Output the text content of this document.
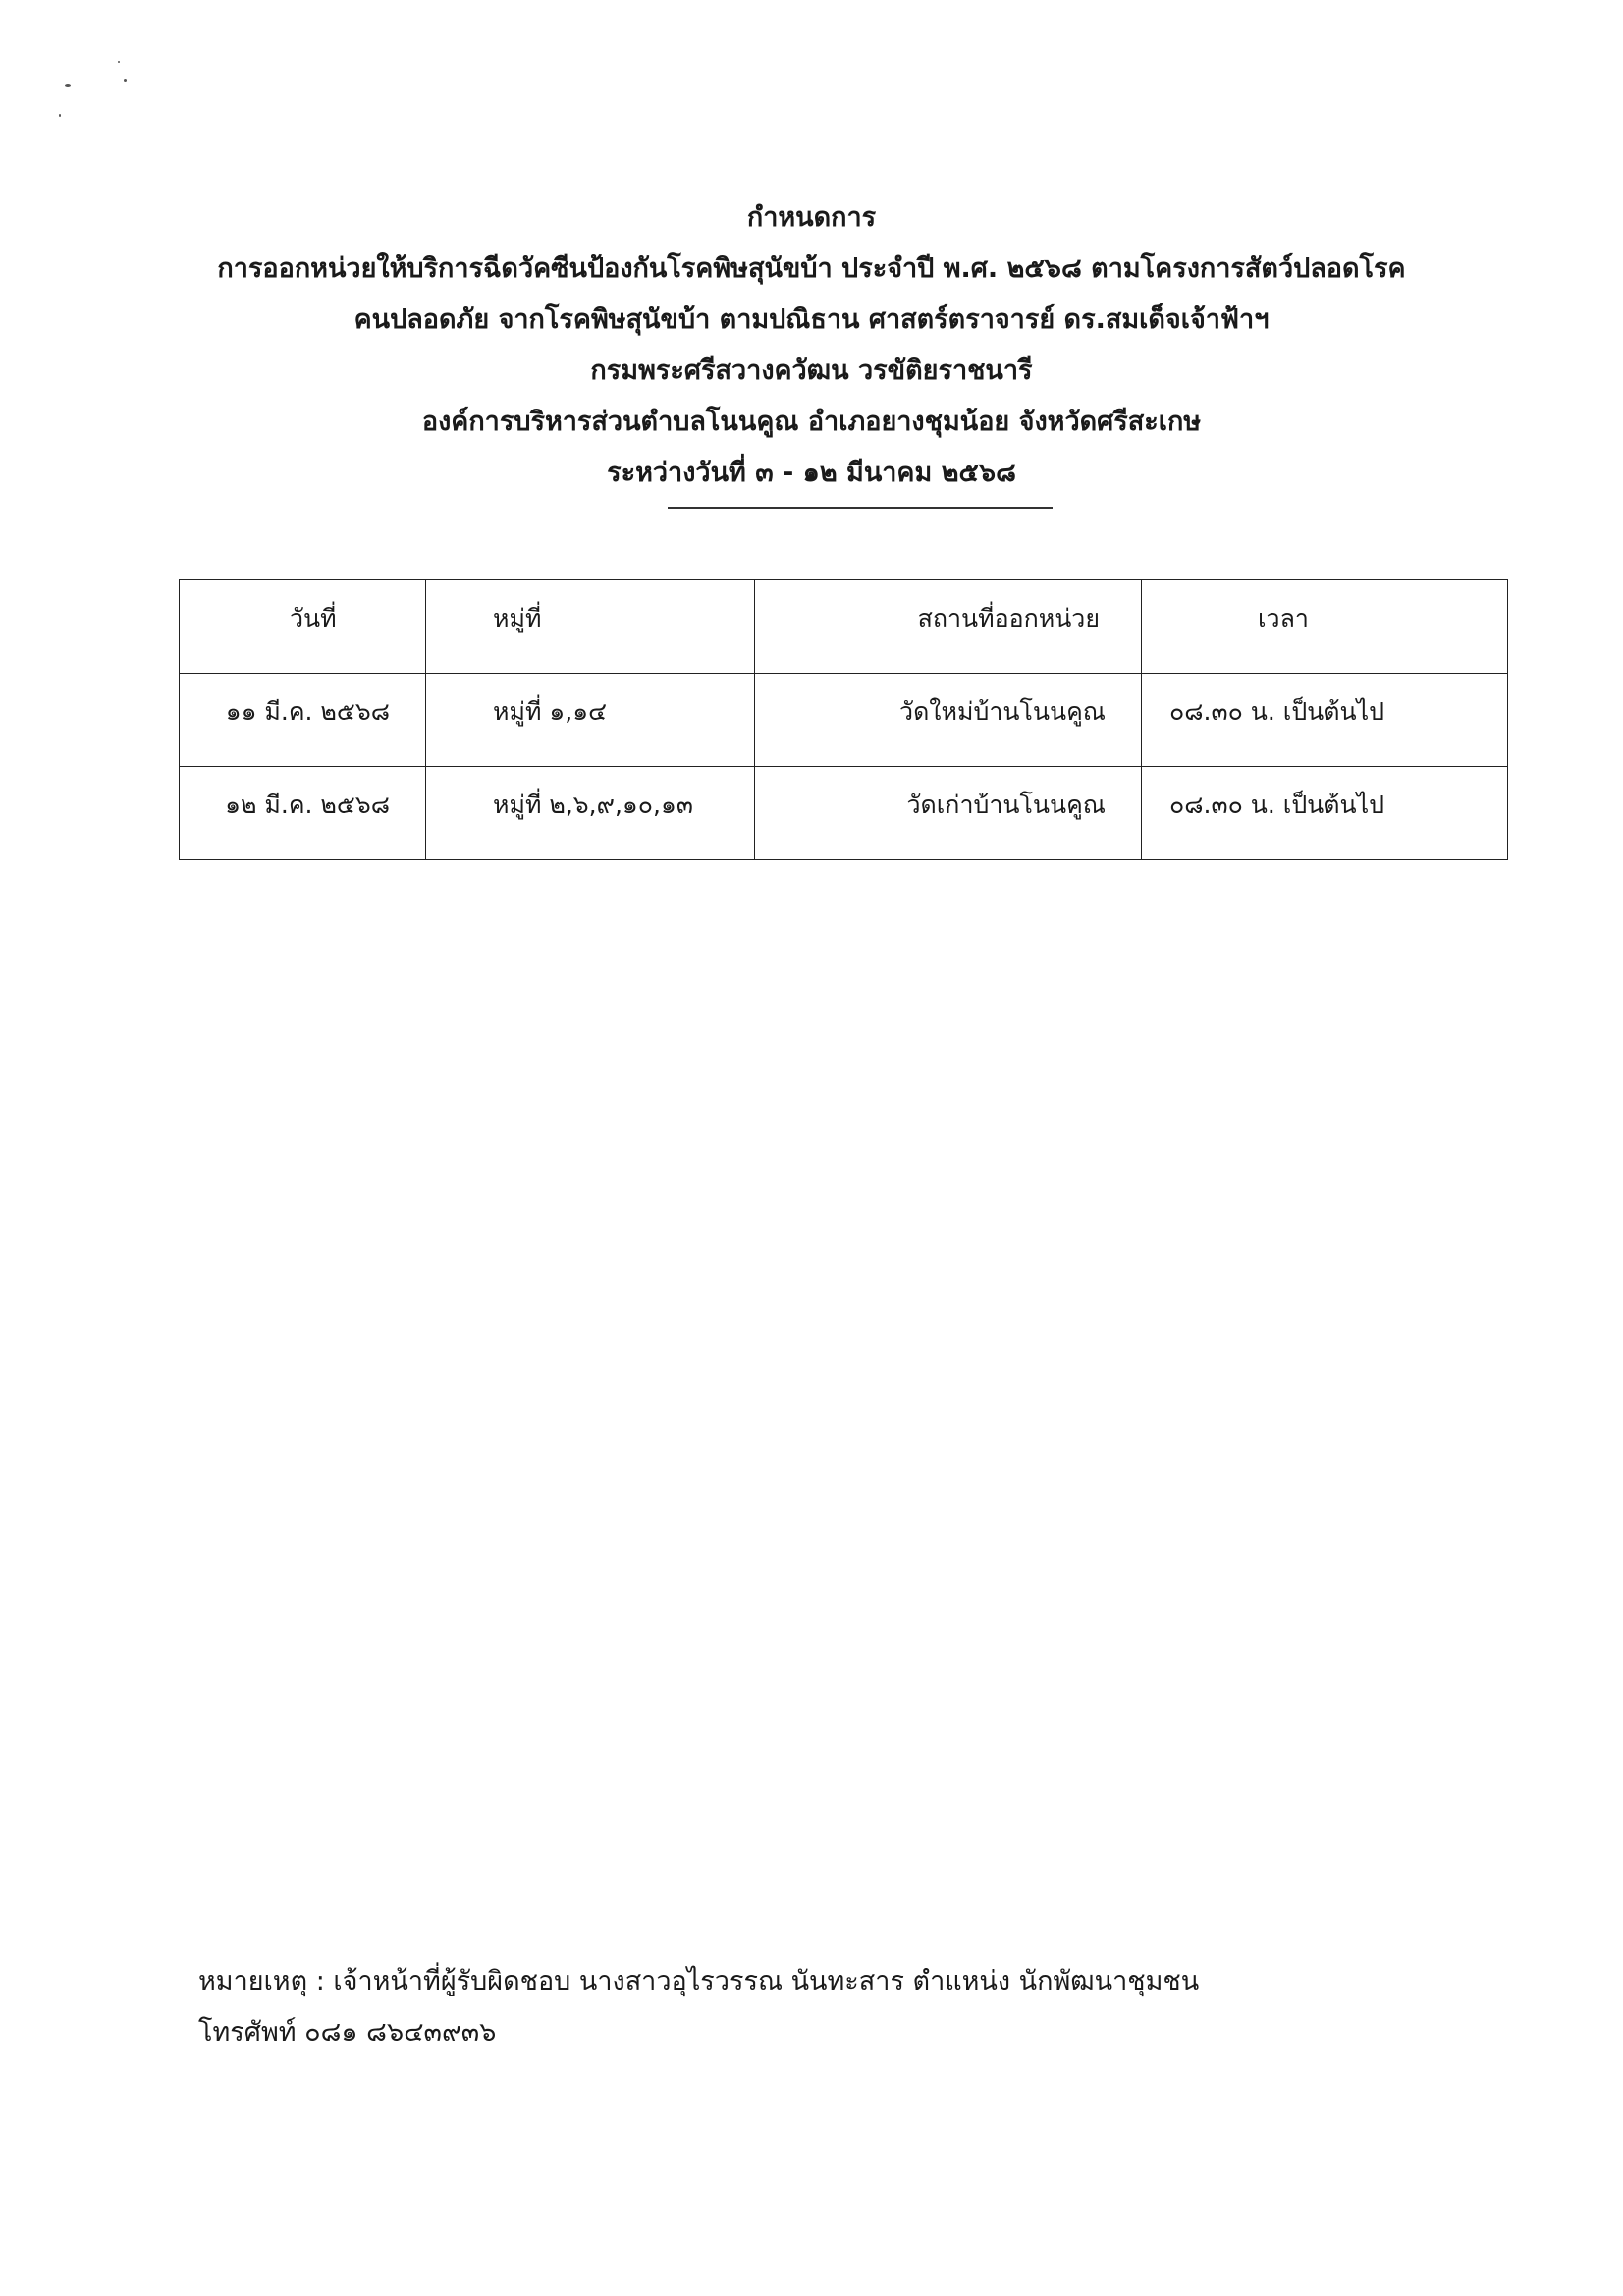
กำหนดการ
การออกหน่วยให้บริการฉีดวัคซีนป้องกันโรคพิษสุนัขบ้า ประจำปี พ.ศ. ๒๕๖๘ ตามโครงการสัตว์ปลอดโรค
คนปลอดภัย จากโรคพิษสุนัขบ้า ตามปณิธาน ศาสตร์ตราจารย์ ดร.สมเด็จเจ้าฟ้าฯ
กรมพระศรีสวางควัฒน วรขัติยราชนารี
องค์การบริหารส่วนตำบลโนนคูณ อำเภอยางชุมน้อย จังหวัดศรีสะเกษ
ระหว่างวันที่ ๓ - ๑๒ มีนาคม ๒๕๖๘
วันที่	หมู่ที่	สถานที่ออกหน่วย	เวลา
๑๑ มี.ค. ๒๕๖๘	หมู่ที่ ๑,๑๔	วัดใหม่บ้านโนนคูณ	๐๘.๓๐ น. เป็นต้นไป
๑๒ มี.ค. ๒๕๖๘	หมู่ที่ ๒,๖,๙,๑๐,๑๓	วัดเก่าบ้านโนนคูณ	๐๘.๓๐ น. เป็นต้นไป
หมายเหตุ : เจ้าหน้าที่ผู้รับผิดชอบ นางสาวอุไรวรรณ นันทะสาร ตำแหน่ง นักพัฒนาชุมชน
โทรศัพท์ ๐๘๑ ๘๖๔๓๙๓๖
